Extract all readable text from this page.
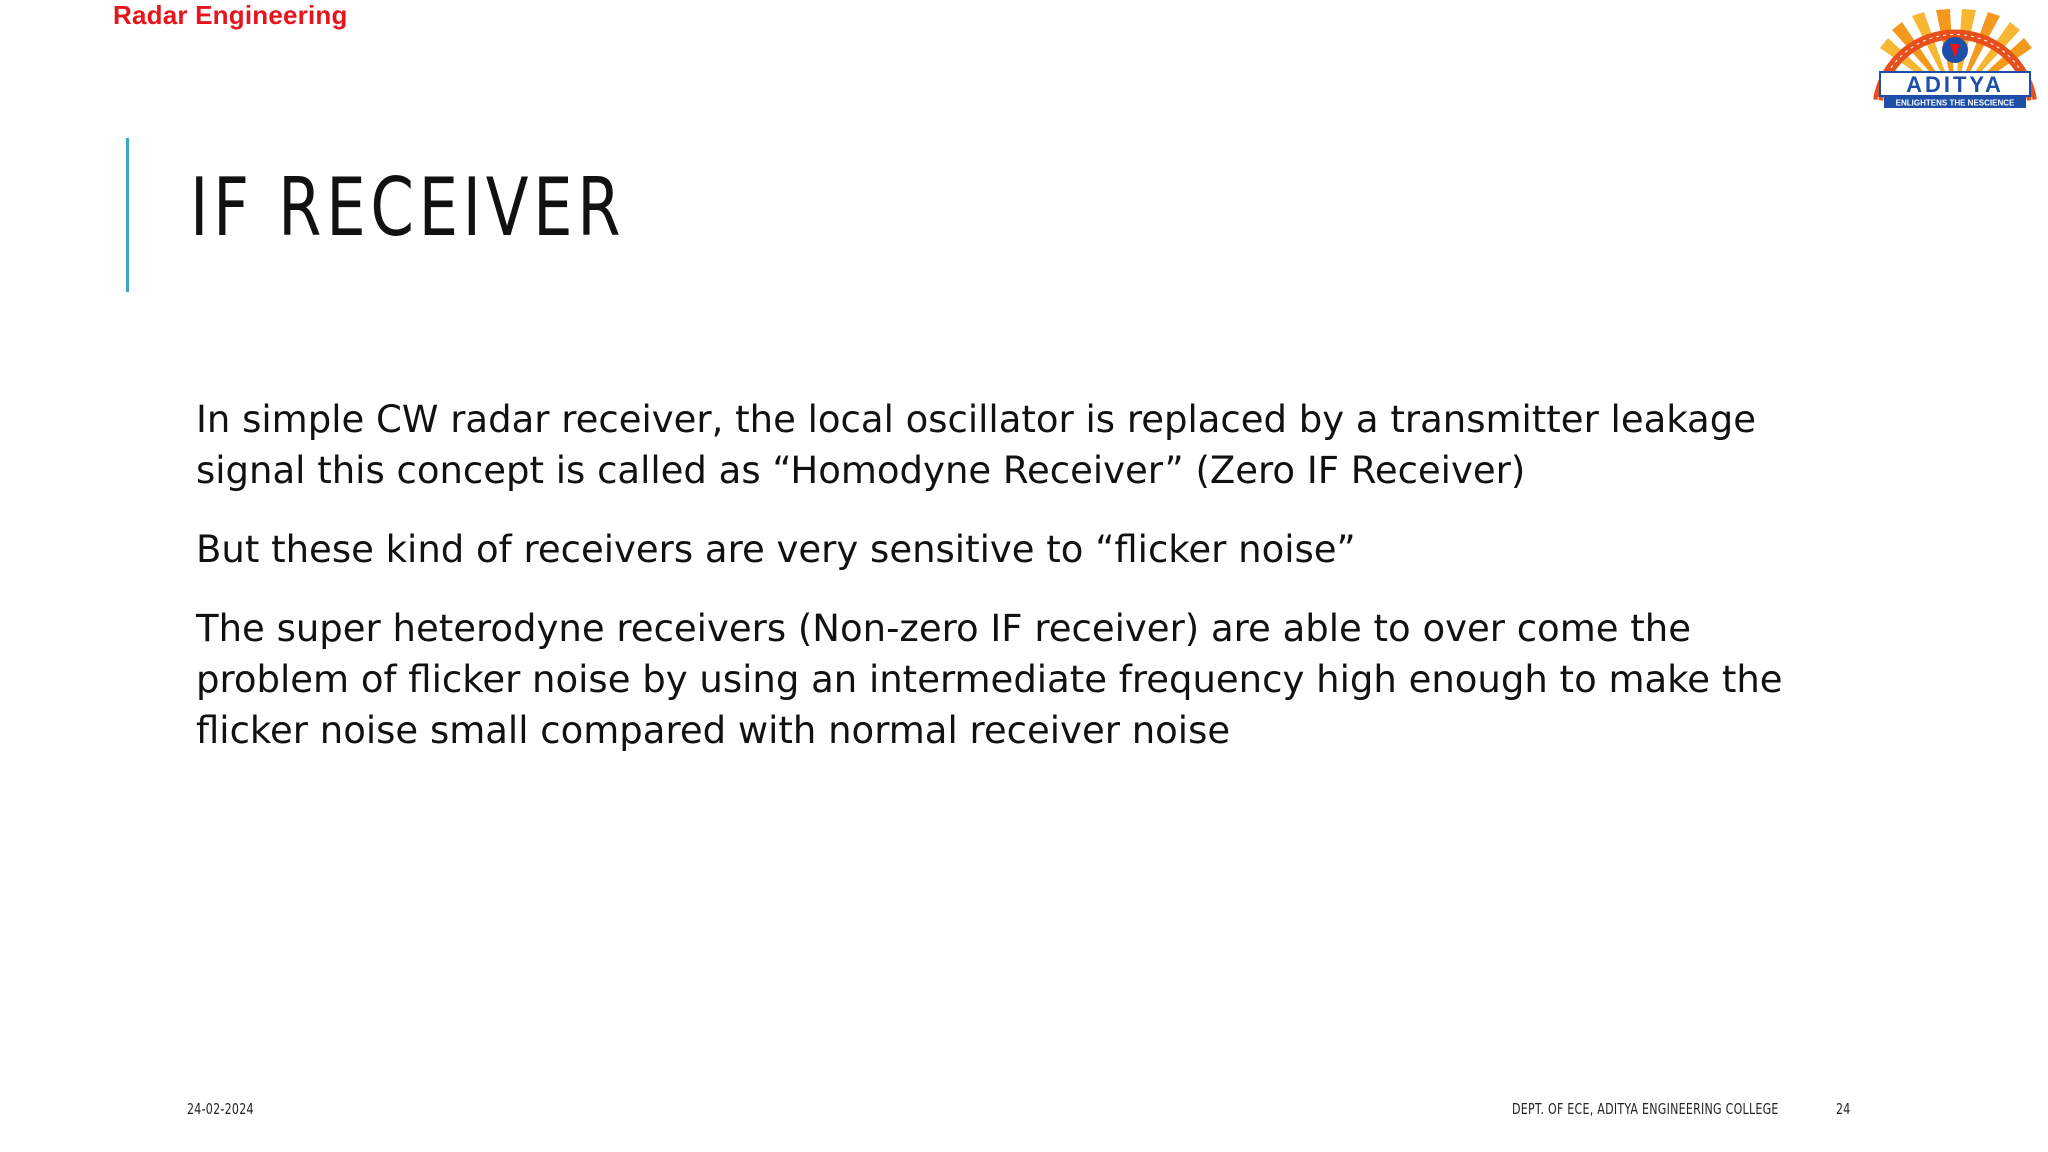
Radar Engineering
ADITYA
ENLIGHTENS THE NESCIENCE
IF RECEIVER

In simple CW radar receiver, the local oscillator is replaced by a transmitter leakage signal this concept is called as “Homodyne Receiver” (Zero IF Receiver)

But these kind of receivers are very sensitive to “flicker noise”

The super heterodyne receivers (Non-zero IF receiver) are able to over come the problem of flicker noise by using an intermediate frequency high enough to make the flicker noise small compared with normal receiver noise

24-02-2024	DEPT. OF ECE, ADITYA ENGINEERING COLLEGE	24
